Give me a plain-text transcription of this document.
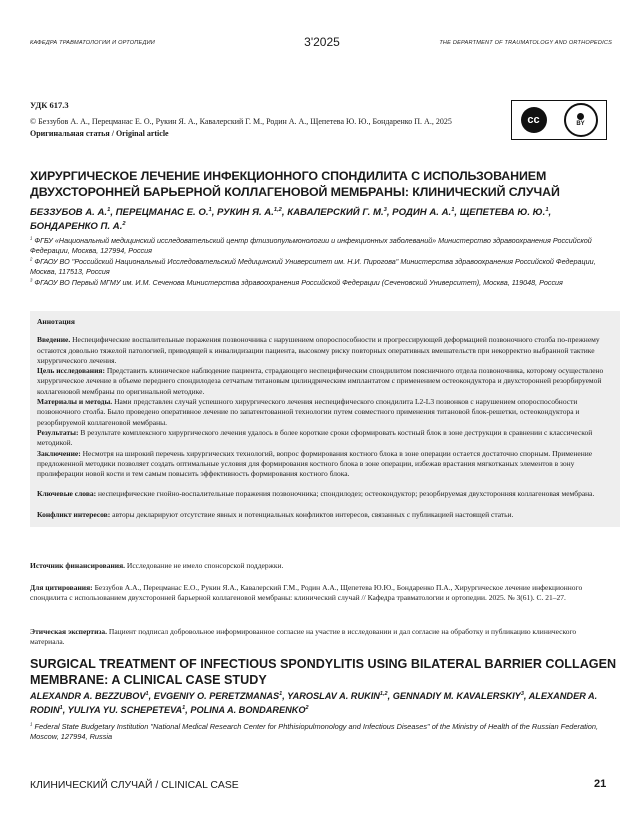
КАФЕДРА ТРАВМАТОЛОГИИ И ОРТОПЕДИИ	3'2025	THE DEPARTMENT OF TRAUMATOLOGY AND ORTHOPEDICS
УДК 617.3
© Беззубов А. А., Перецманас Е. О., Рукин Я. А., Кавалерский Г. М., Родин А. А., Щепетева Ю. Ю., Бондаренко П. А., 2025
Оригинальная статья / Original article
cc	BY
ХИРУРГИЧЕСКОЕ ЛЕЧЕНИЕ ИНФЕКЦИОННОГО СПОНДИЛИТА С ИСПОЛЬЗОВАНИЕМ ДВУХСТОРОННЕЙ БАРЬЕРНОЙ КОЛЛАГЕНОВОЙ МЕМБРАНЫ: КЛИНИЧЕСКИЙ СЛУЧАЙ
БЕЗЗУБОВ А. А.$^1$, ПЕРЕЦМАНАС Е. О.$^1$, РУКИН Я. А.$^{1,2}$, КАВАЛЕРСКИЙ Г. М.$^3$, РОДИН А. А.$^1$, ЩЕПЕТЕВА Ю. Ю.$^1$, БОНДАРЕНКО П. А.$^2$
$^1$ ФГБУ «Национальный медицинский исследовательский центр фтизиопульмонологии и инфекционных заболеваний» Министерство здравоохранения Российской Федерации, Москва, 127994, Россия
$^2$ ФГАОУ ВО "Российский Национальный Исследовательский Медицинский Университет им. Н.И. Пирогова" Министерства здравоохранения Российской Федерации, Москва, 117513, Россия
$^3$ ФГАОУ ВО Первый МГМУ им. И.М. Сеченова Министерства здравоохранения Российской Федерации (Сеченовский Университет), Москва, 119048, Россия

Аннотация

Введение. Неспецифические воспалительные поражения позвоночника с нарушением опороспособности и прогрессирующей деформацией позвоночного столба по-прежнему остаются довольно тяжелой патологией, приводящей к инвалидизации пациента, высокому риску повторных оперативных вмешательств при некорректно выбранной тактике хирургического лечения.

Цель исследования: Представить клиническое наблюдение пациента, страдающего неспецифическим спондилитом поясничного отдела позвоночника, которому осуществлено хирургическое лечение в объеме переднего спондилодеза сетчатым титановым цилиндрическим имплантатом с применением остеокондуктора и двухсторонней резорбируемой коллагеновой мембраны по оригинальной методике.

Материалы и методы. Нами представлен случай успешного хирургического лечения неспецифического спондилита L2-L3 позвонков с нарушением опороспособности позвоночного столба. Было проведено оперативное лечение по запатентованной технологии путем совместного применения титановой блок-решетки, остеокондуктора и резорбируемой коллагеновой мембраны.

Результаты: В результате комплексного хирургического лечения удалось в более короткие сроки сформировать костный блок в зоне деструкции в сравнении с классической методикой.

Заключение: Несмотря на широкий перечень хирургических технологий, вопрос формирования костного блока в зоне операции остается достаточно спорным. Применение предложенной методики позволяет создать оптимальные условия для формирования костного блока в зоне операции, избежав врастания мягкотканых элементов в зону пролиферации новой кости и тем самым повысить эффективность формирования костного блока.

Ключевые слова: неспецифические гнойно-воспалительные поражения позвоночника; спондилодез; остеокондуктор; резорбируемая двухсторонняя коллагеновая мембрана.

Конфликт интересов: авторы декларируют отсутствие явных и потенциальных конфликтов интересов, связанных с публикацией настоящей статьи.

Источник финансирования. Исследование не имело спонсорской поддержки.
Для цитирования: Беззубов А.А., Перецманас Е.О., Рукин Я.А., Кавалерский Г.М., Родин А.А., Щепетева Ю.Ю., Бондаренко П.А., Хирургическое лечение инфекционного спондилита с использованием двухсторонней барьерной коллагеновой мембраны: клинический случай // Кафедра травматологии и ортопедии. 2025. № 3(61). С. 21–27.
Этическая экспертиза. Пациент подписал добровольное информированное согласие на участие в исследовании и дал согласие на обработку и публикацию клинического материала.
SURGICAL TREATMENT OF INFECTIOUS SPONDYLITIS USING BILATERAL BARRIER COLLAGEN MEMBRANE: A CLINICAL CASE STUDY
ALEXANDR A. BEZZUBOV$^1$, EVGENIY O. PERETZMANAS$^1$, YAROSLAV A. RUKIN$^{1,2}$, GENNADIY M. KAVALERSKIY$^3$, ALEXANDER A. RODIN$^1$, YULIYA YU. SCHEPETEVA$^1$, POLINA A. BONDARENKO$^2$
$^1$ Federal State Budgetary Institution "National Medical Research Center for Phthisiopulmonology and Infectious Diseases" of the Ministry of Health of the Russian Federation, Moscow, 127994, Russia
КЛИНИЧЕСКИЙ СЛУЧАЙ / CLINICAL CASE	21
